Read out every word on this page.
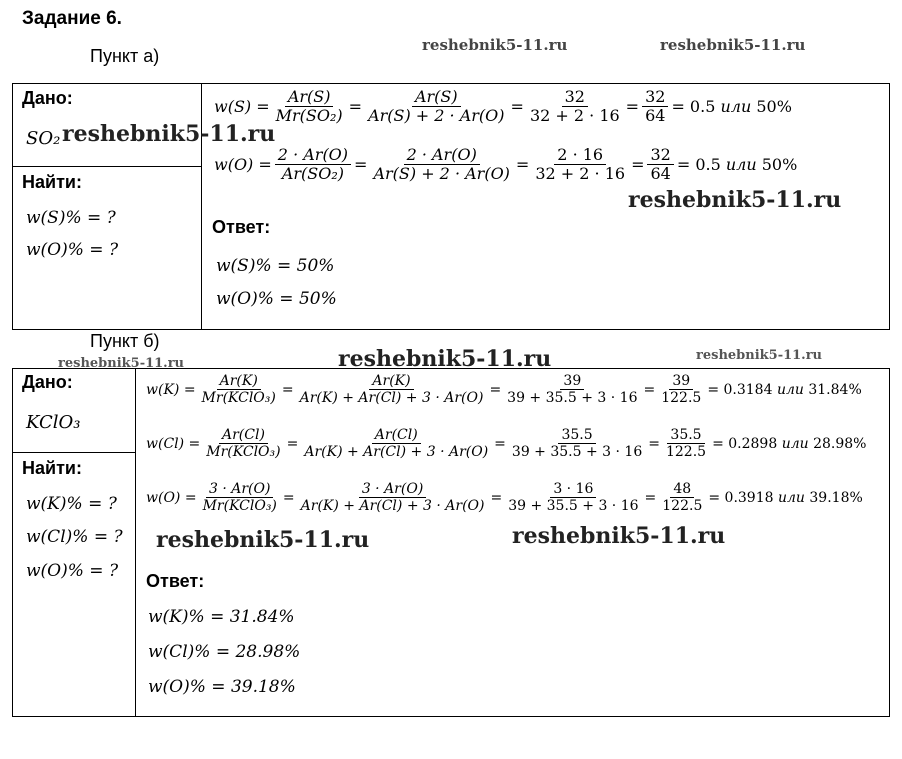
Задание 6.
Пункт а)
reshebnik5-11.ru	reshebnik5-11.ru
Дано:
SO₂ reshebnik5-11.ru
Найти:
w(S)% = ?
w(O)% = ?
$w(S) = \frac{Ar(S)}{\text{Mr(SO₂)}} = \frac{Ar(S)}{Ar(S) + 2 \cdot Ar(O)} = \frac{32}{32 + 2 \cdot 16} = \frac{32}{64} = 0.5$
или
50%
$w(O) = \frac{2 \cdot Ar(O)}{\text{Ar(SO₂)}} = \frac{2 \cdot Ar(O)}{Ar(S) + 2 \cdot Ar(O)} = \frac{2 \cdot 16}{32 + 2 \cdot 16} = \frac{32}{64} = 0.5$
или
50%
reshebnik5-11.ru
Ответ:
w(S)% = 50%
w(O)% = 50%
Пункт б)
reshebnik5-11.ru	reshebnik5-11.ru	reshebnik5-11.ru
Дано:
KClO₃
Найти:
w(K)% = ?
w(Cl)% = ?
w(O)% = ?
$w(K) = \frac{Ar(K)}{\text{Mr(KClO₃)}} = \frac{Ar(K)}{Ar(K) + Ar(Cl) + 3 \cdot Ar(O)} = \frac{39}{39 + 35.5 + 3 \cdot 16} = \frac{39}{122.5} = 0.3184$
или
31.84%
$w(Cl) = \frac{Ar(Cl)}{\text{Mr(KClO₃)}} = \frac{Ar(Cl)}{Ar(K) + Ar(Cl) + 3 \cdot Ar(O)} = \frac{35.5}{39 + 35.5 + 3 \cdot 16} = \frac{35.5}{122.5} = 0.2898$
или
28.98%
$w(O) = \frac{3 \cdot Ar(O)}{\text{Mr(KClO₃)}} = \frac{3 \cdot Ar(O)}{Ar(K) + Ar(Cl) + 3 \cdot Ar(O)} = \frac{3 \cdot 16}{39 + 35.5 + 3 \cdot 16} = \frac{48}{122.5} = 0.3918$
или
39.18%
reshebnik5-11.ru	reshebnik5-11.ru
Ответ:
w(K)% = 31.84%
w(Cl)% = 28.98%
w(O)% = 39.18%
